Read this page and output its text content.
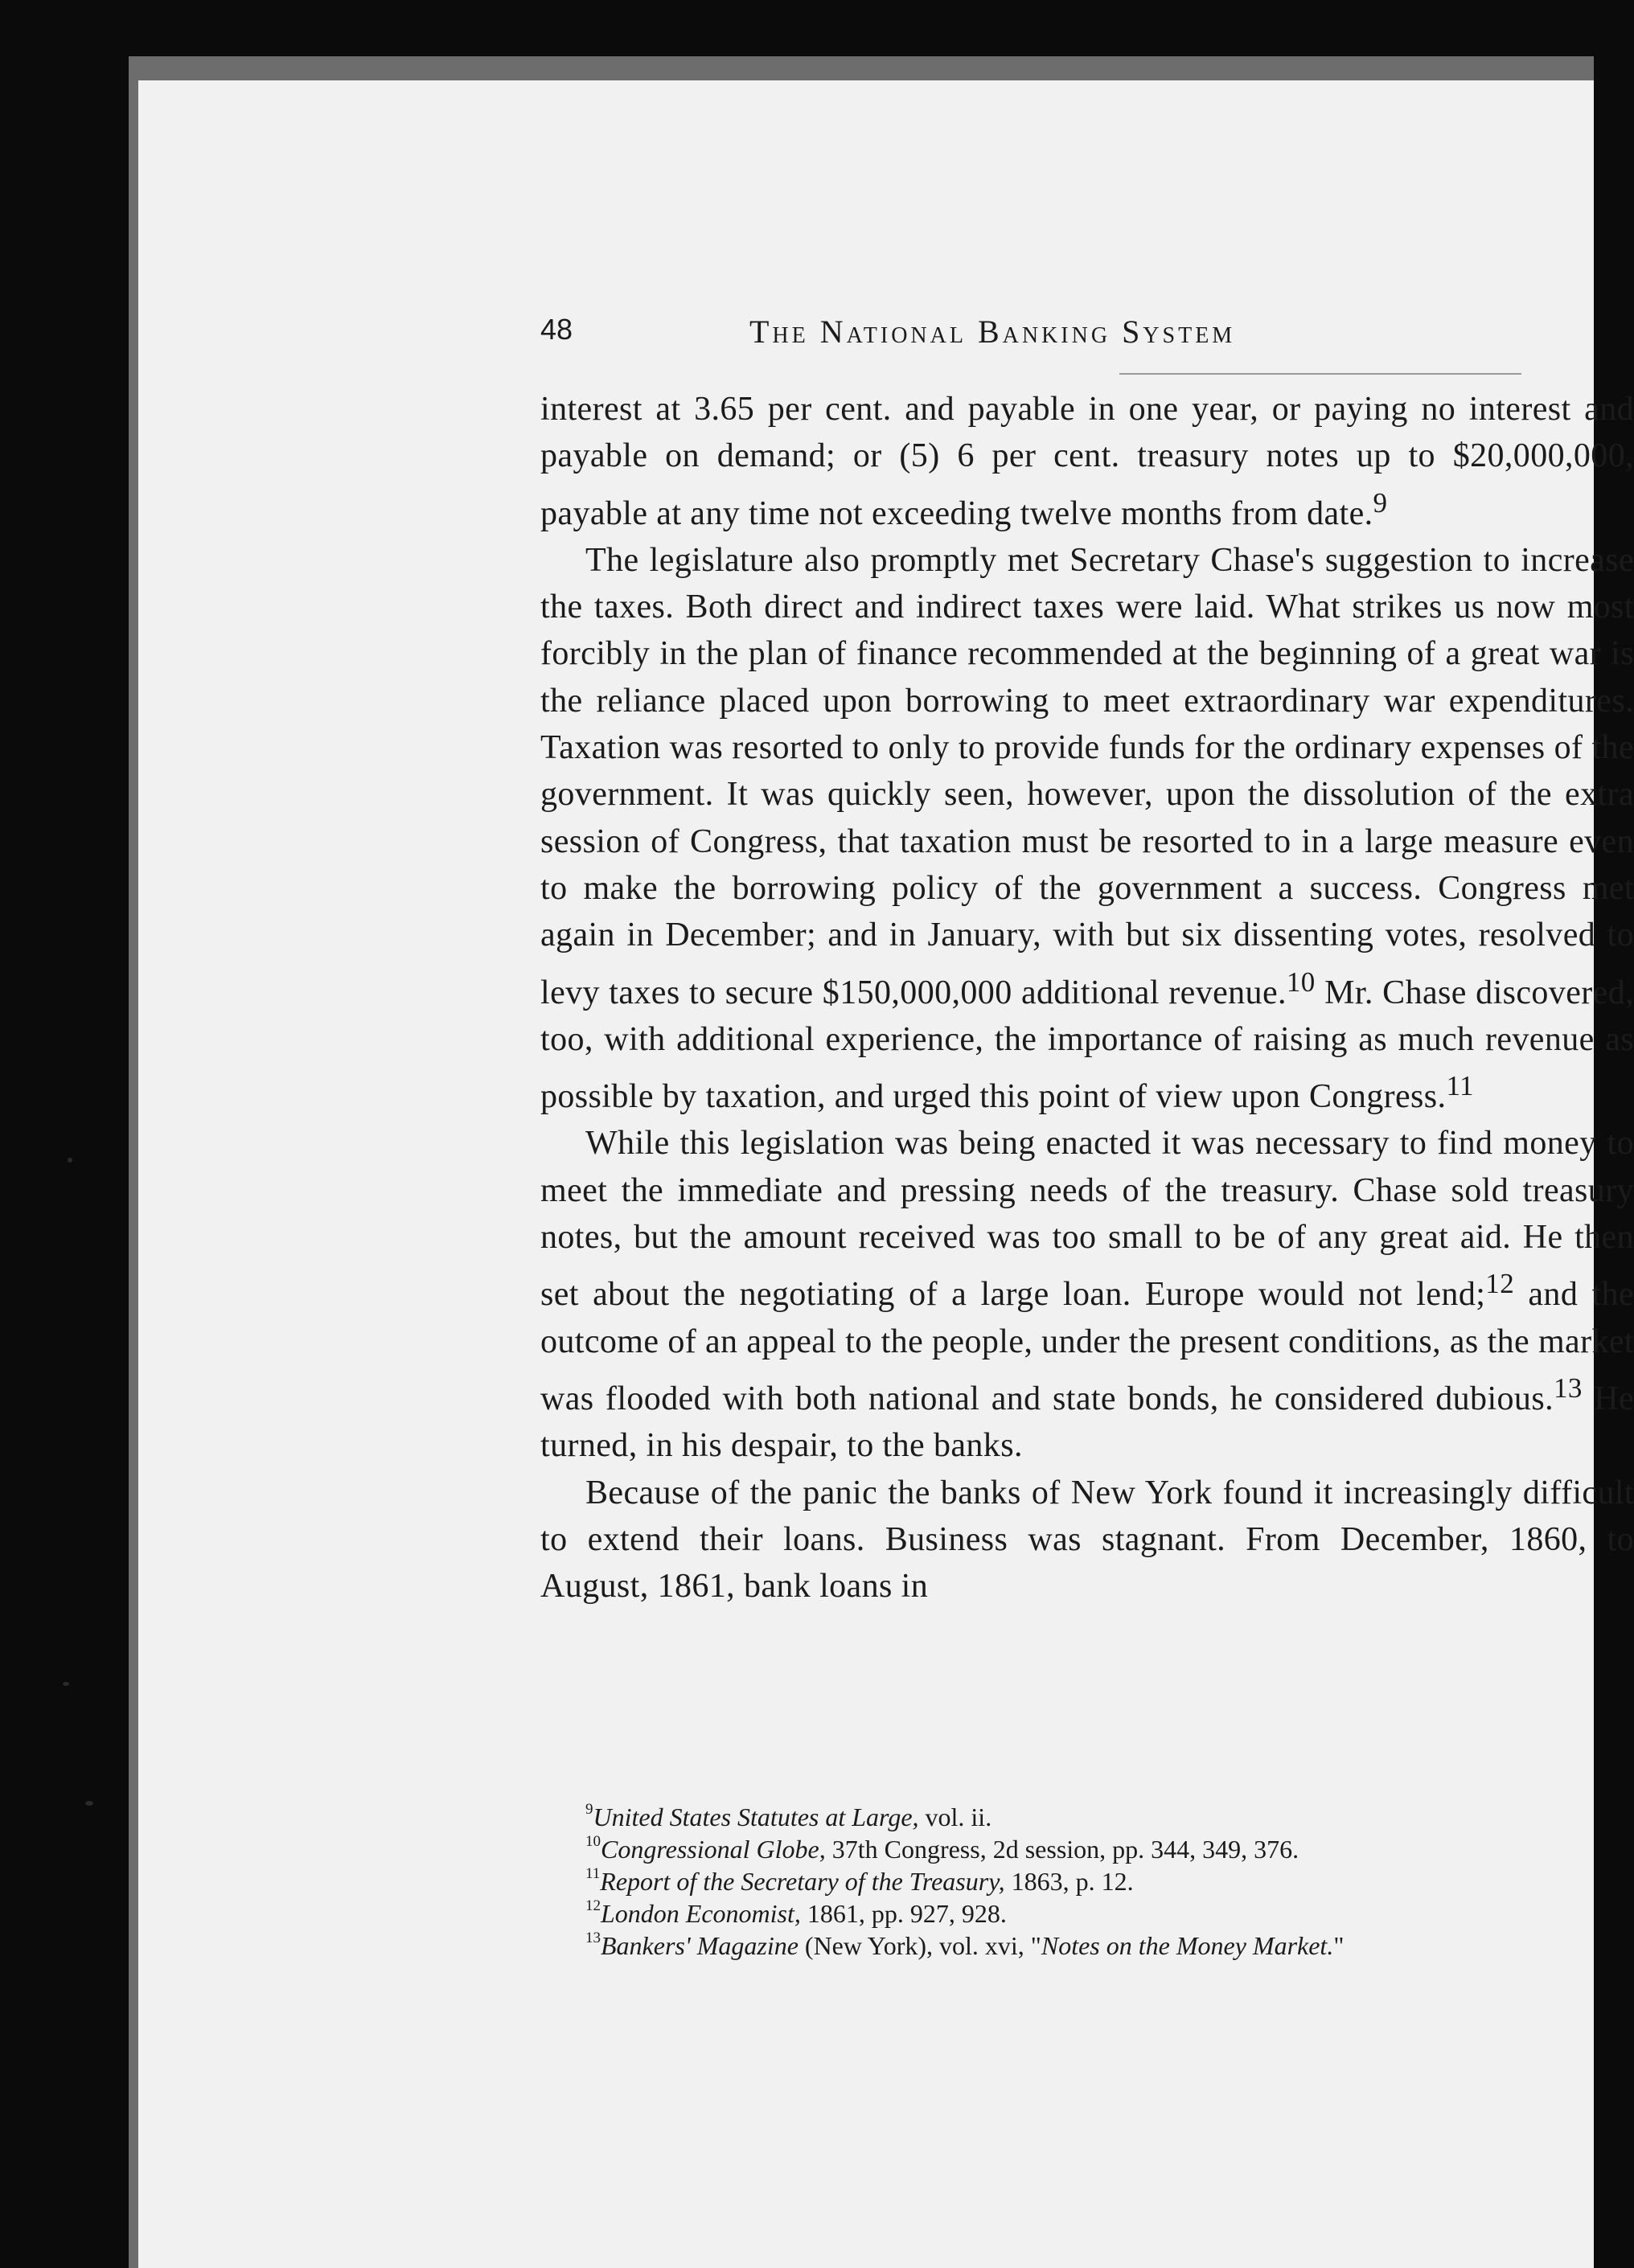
48	The National Banking System

interest at 3.65 per cent. and payable in one year, or paying no interest and payable on demand; or (5) 6 per cent. treasury notes up to $20,000,000, payable at any time not exceeding twelve months from date.$^9$

The legislature also promptly met Secretary Chase's suggestion to increase the taxes. Both direct and indirect taxes were laid. What strikes us now most forcibly in the plan of finance recommended at the beginning of a great war is the reliance placed upon borrowing to meet extraordinary war expenditures. Taxation was resorted to only to provide funds for the ordinary expenses of the government. It was quickly seen, however, upon the dissolution of the extra session of Congress, that taxation must be resorted to in a large measure even to make the borrowing policy of the government a success. Congress met again in December; and in January, with but six dissenting votes, resolved to levy taxes to secure $150,000,000 additional revenue.$^{10}$ Mr. Chase discovered, too, with additional experience, the importance of raising as much revenue as possible by taxation, and urged this point of view upon Congress.$^{11}$

While this legislation was being enacted it was necessary to find money to meet the immediate and pressing needs of the treasury. Chase sold treasury notes, but the amount received was too small to be of any great aid. He then set about the negotiating of a large loan. Europe would not lend;$^{12}$ and the outcome of an appeal to the people, under the present conditions, as the market was flooded with both national and state bonds, he considered dubious.$^{13}$ He turned, in his despair, to the banks.

Because of the panic the banks of New York found it increasingly difficult to extend their loans. Business was stagnant. From December, 1860, to August, 1861, bank loans in

$^9$United States Statutes at Large, vol. ii.

$^{10}$Congressional Globe, 37th Congress, 2d session, pp. 344, 349, 376.

$^{11}$Report of the Secretary of the Treasury, 1863, p. 12.

$^{12}$London Economist, 1861, pp. 927, 928.

$^{13}$Bankers' Magazine (New York), vol. xvi, "Notes on the Money Market."
